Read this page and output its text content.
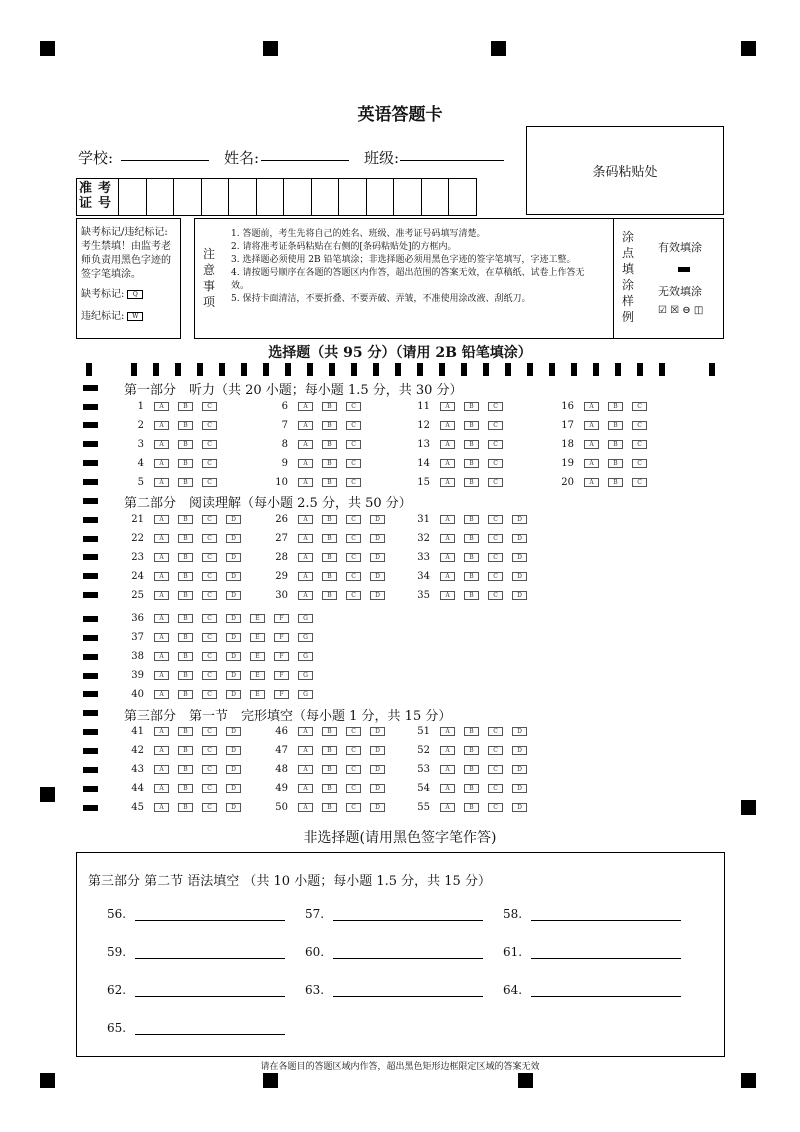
英语答题卡
学校:	姓名:	班级:
条码粘贴处
准考证号
缺考标记/违纪标记:
考生禁填！由监考老师负责用黑色字迹的签字笔填涂。
缺考标记: Q
违纪标记: W
注意事项
1. 答题前，考生先将自己的姓名、班级、准考证号码填写清楚。
2. 请将准考证条码粘贴在右侧的[条码粘贴处]的方框内。
3. 选择题必须使用 2B 铅笔填涂；非选择题必须用黑色字迹的签字笔填写，字迹工整。
4. 请按题号顺序在各题的答题区内作答，超出范围的答案无效，在草稿纸、试卷上作答无效。
5. 保持卡面清洁，不要折叠、不要弄破、弄皱，不准使用涂改液、刮纸刀。
涂点填涂样例
有效填涂
无效填涂
☑ ☒ ⊖ ◫
选择题（共 95 分）（请用 2B 铅笔填涂）
第一部分　听力（共 20 小题；每小题 1.5 分，共 30 分）
第二部分　阅读理解（每小题 2.5 分，共 50 分）
第三部分　第一节　完形填空（每小题 1 分，共 15 分）
1	A	B	C
2	A	B	C
3	A	B	C
4	A	B	C
5	A	B	C
6	A	B	C
7	A	B	C
8	A	B	C
9	A	B	C
10	A	B	C
11	A	B	C
12	A	B	C
13	A	B	C
14	A	B	C
15	A	B	C
16	A	B	C
17	A	B	C
18	A	B	C
19	A	B	C
20	A	B	C
21	A	B	C	D
22	A	B	C	D
23	A	B	C	D
24	A	B	C	D
25	A	B	C	D
26	A	B	C	D
27	A	B	C	D
28	A	B	C	D
29	A	B	C	D
30	A	B	C	D
31	A	B	C	D
32	A	B	C	D
33	A	B	C	D
34	A	B	C	D
35	A	B	C	D
36	A	B	C	D	E	F	G
37	A	B	C	D	E	F	G
38	A	B	C	D	E	F	G
39	A	B	C	D	E	F	G
40	A	B	C	D	E	F	G
41	A	B	C	D
42	A	B	C	D
43	A	B	C	D
44	A	B	C	D
45	A	B	C	D
46	A	B	C	D
47	A	B	C	D
48	A	B	C	D
49	A	B	C	D
50	A	B	C	D
51	A	B	C	D
52	A	B	C	D
53	A	B	C	D
54	A	B	C	D
55	A	B	C	D
非选择题(请用黑色签字笔作答)
第三部分 第二节 语法填空 （共 10 小题；每小题 1.5 分，共 15 分）
56.	57.	58.
59.	60.	61.
62.	63.	64.
65.
请在各题目的答题区域内作答，超出黑色矩形边框限定区域的答案无效
